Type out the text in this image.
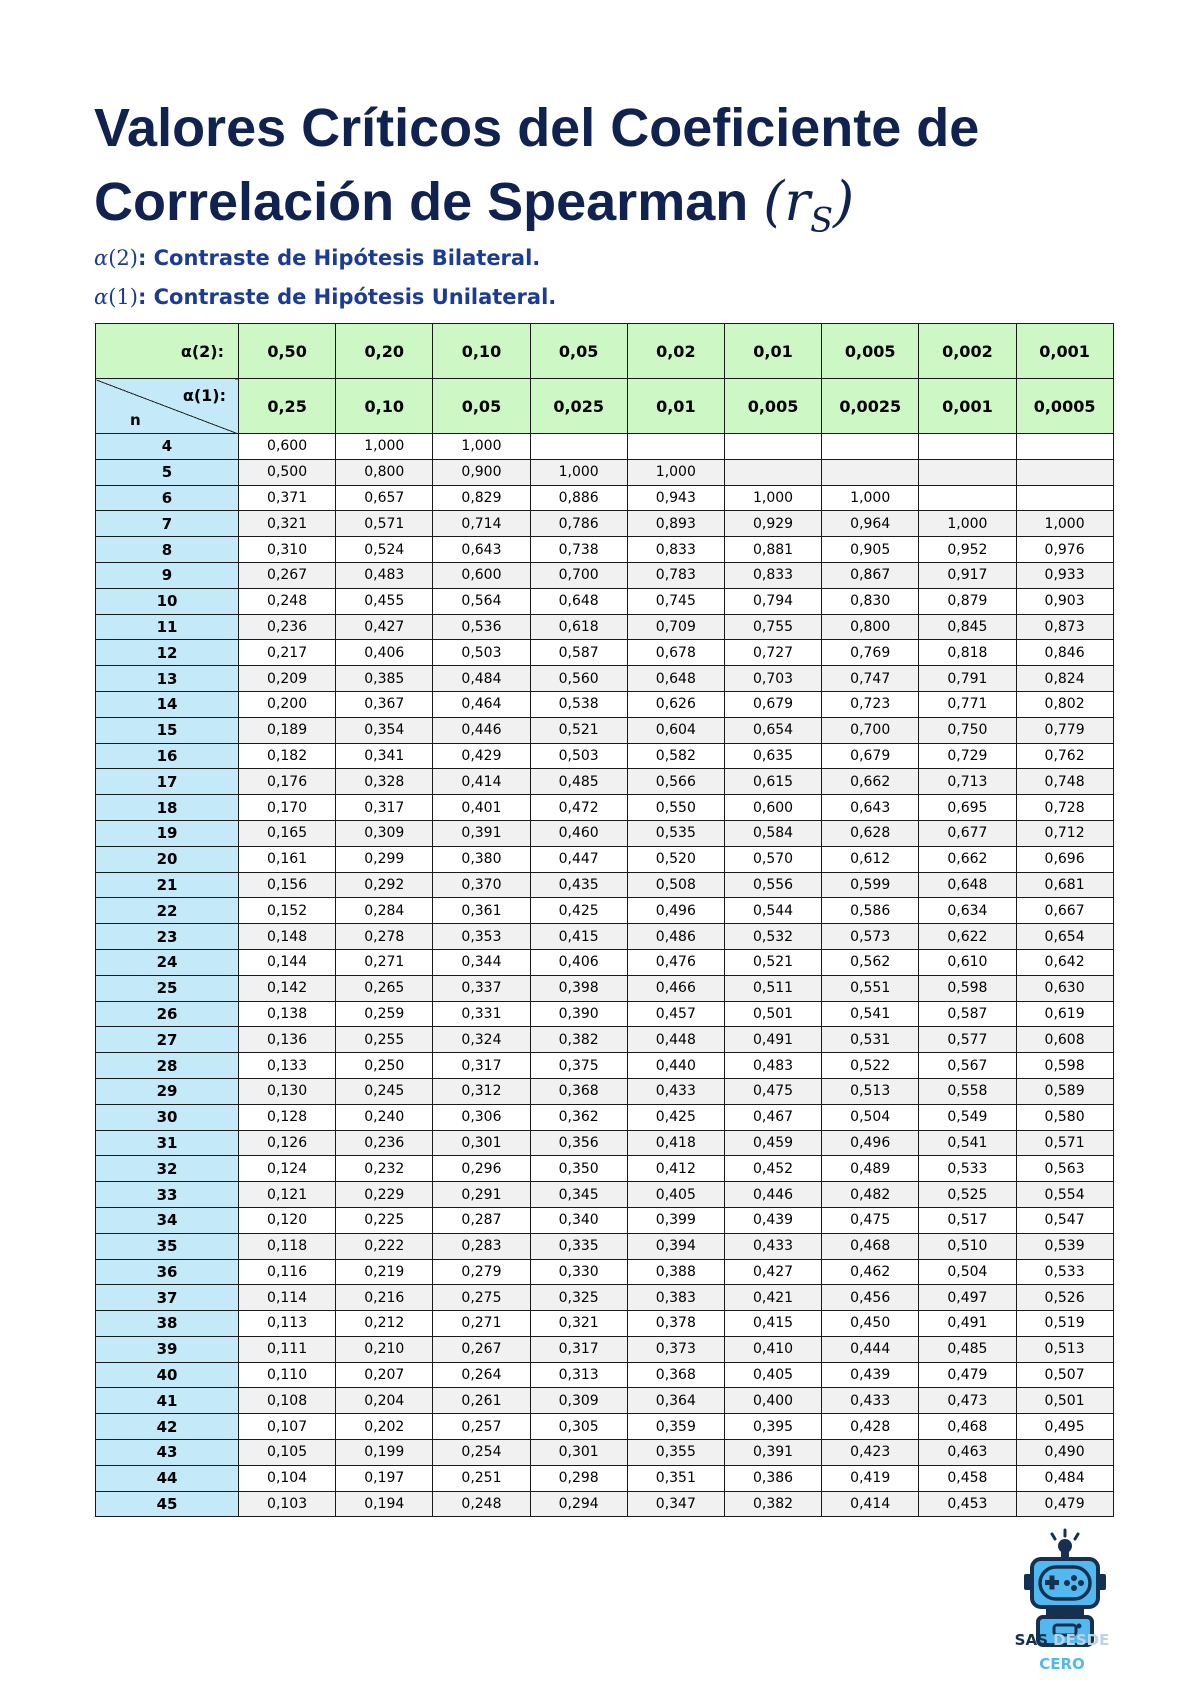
Valores Críticos del Coeficiente de
Correlación de Spearman $(r_S)$
α(2): Contraste de Hipótesis Bilateral.
α(1): Contraste de Hipótesis Unilateral.
α(2):	0,50	0,20	0,10	0,05	0,02	0,01	0,005	0,002	0,001

α(1):
n	0,25	0,10	0,05	0,025	0,01	0,005	0,0025	0,001	0,0005
4	0,600	1,000	1,000						
5	0,500	0,800	0,900	1,000	1,000				
6	0,371	0,657	0,829	0,886	0,943	1,000	1,000		
7	0,321	0,571	0,714	0,786	0,893	0,929	0,964	1,000	1,000
8	0,310	0,524	0,643	0,738	0,833	0,881	0,905	0,952	0,976
9	0,267	0,483	0,600	0,700	0,783	0,833	0,867	0,917	0,933
10	0,248	0,455	0,564	0,648	0,745	0,794	0,830	0,879	0,903
11	0,236	0,427	0,536	0,618	0,709	0,755	0,800	0,845	0,873
12	0,217	0,406	0,503	0,587	0,678	0,727	0,769	0,818	0,846
13	0,209	0,385	0,484	0,560	0,648	0,703	0,747	0,791	0,824
14	0,200	0,367	0,464	0,538	0,626	0,679	0,723	0,771	0,802
15	0,189	0,354	0,446	0,521	0,604	0,654	0,700	0,750	0,779
16	0,182	0,341	0,429	0,503	0,582	0,635	0,679	0,729	0,762
17	0,176	0,328	0,414	0,485	0,566	0,615	0,662	0,713	0,748
18	0,170	0,317	0,401	0,472	0,550	0,600	0,643	0,695	0,728
19	0,165	0,309	0,391	0,460	0,535	0,584	0,628	0,677	0,712
20	0,161	0,299	0,380	0,447	0,520	0,570	0,612	0,662	0,696
21	0,156	0,292	0,370	0,435	0,508	0,556	0,599	0,648	0,681
22	0,152	0,284	0,361	0,425	0,496	0,544	0,586	0,634	0,667
23	0,148	0,278	0,353	0,415	0,486	0,532	0,573	0,622	0,654
24	0,144	0,271	0,344	0,406	0,476	0,521	0,562	0,610	0,642
25	0,142	0,265	0,337	0,398	0,466	0,511	0,551	0,598	0,630
26	0,138	0,259	0,331	0,390	0,457	0,501	0,541	0,587	0,619
27	0,136	0,255	0,324	0,382	0,448	0,491	0,531	0,577	0,608
28	0,133	0,250	0,317	0,375	0,440	0,483	0,522	0,567	0,598
29	0,130	0,245	0,312	0,368	0,433	0,475	0,513	0,558	0,589
30	0,128	0,240	0,306	0,362	0,425	0,467	0,504	0,549	0,580
31	0,126	0,236	0,301	0,356	0,418	0,459	0,496	0,541	0,571
32	0,124	0,232	0,296	0,350	0,412	0,452	0,489	0,533	0,563
33	0,121	0,229	0,291	0,345	0,405	0,446	0,482	0,525	0,554
34	0,120	0,225	0,287	0,340	0,399	0,439	0,475	0,517	0,547
35	0,118	0,222	0,283	0,335	0,394	0,433	0,468	0,510	0,539
36	0,116	0,219	0,279	0,330	0,388	0,427	0,462	0,504	0,533
37	0,114	0,216	0,275	0,325	0,383	0,421	0,456	0,497	0,526
38	0,113	0,212	0,271	0,321	0,378	0,415	0,450	0,491	0,519
39	0,111	0,210	0,267	0,317	0,373	0,410	0,444	0,485	0,513
40	0,110	0,207	0,264	0,313	0,368	0,405	0,439	0,479	0,507
41	0,108	0,204	0,261	0,309	0,364	0,400	0,433	0,473	0,501
42	0,107	0,202	0,257	0,305	0,359	0,395	0,428	0,468	0,495
43	0,105	0,199	0,254	0,301	0,355	0,391	0,423	0,463	0,490
44	0,104	0,197	0,251	0,298	0,351	0,386	0,419	0,458	0,484
45	0,103	0,194	0,248	0,294	0,347	0,382	0,414	0,453	0,479
SAS DESDE
CERO
